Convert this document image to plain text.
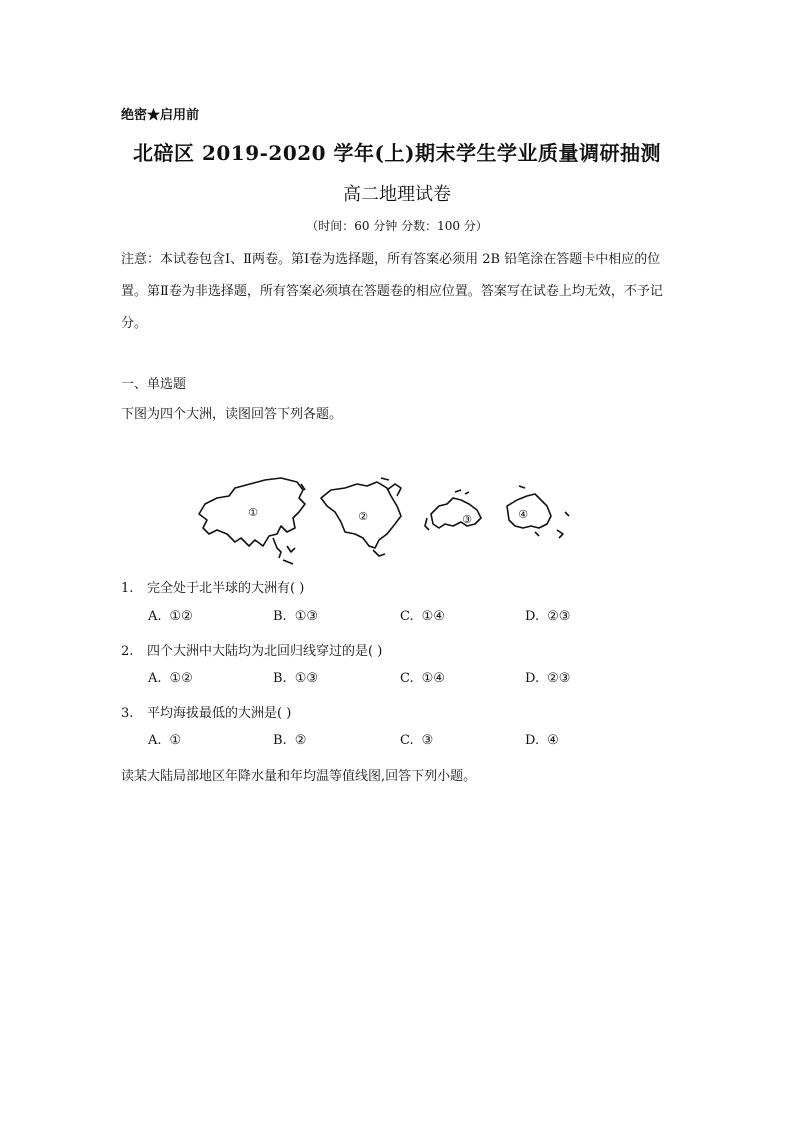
绝密★启用前
北碚区 2019-2020 学年(上)期末学生学业质量调研抽测
高二地理试卷
（时间：60 分钟 分数：100 分）
注意：本试卷包含Ⅰ、Ⅱ两卷。第Ⅰ卷为选择题，所有答案必须用 2B 铅笔涂在答题卡中相应的位置。第Ⅱ卷为非选择题，所有答案必须填在答题卷的相应位置。答案写在试卷上均无效，不予记分。
一、单选题
下图为四个大洲，读图回答下列各题。
①	②	③	④
1. 完全处于北半球的大洲有( )
A. ①②	B. ①③	C. ①④	D. ②③
2. 四个大洲中大陆均为北回归线穿过的是( )
A. ①②	B. ①③	C. ①④	D. ②③
3. 平均海拔最低的大洲是( )
A. ①	B. ②	C. ③	D. ④
读某大陆局部地区年降水量和年均温等值线图,回答下列小题。
